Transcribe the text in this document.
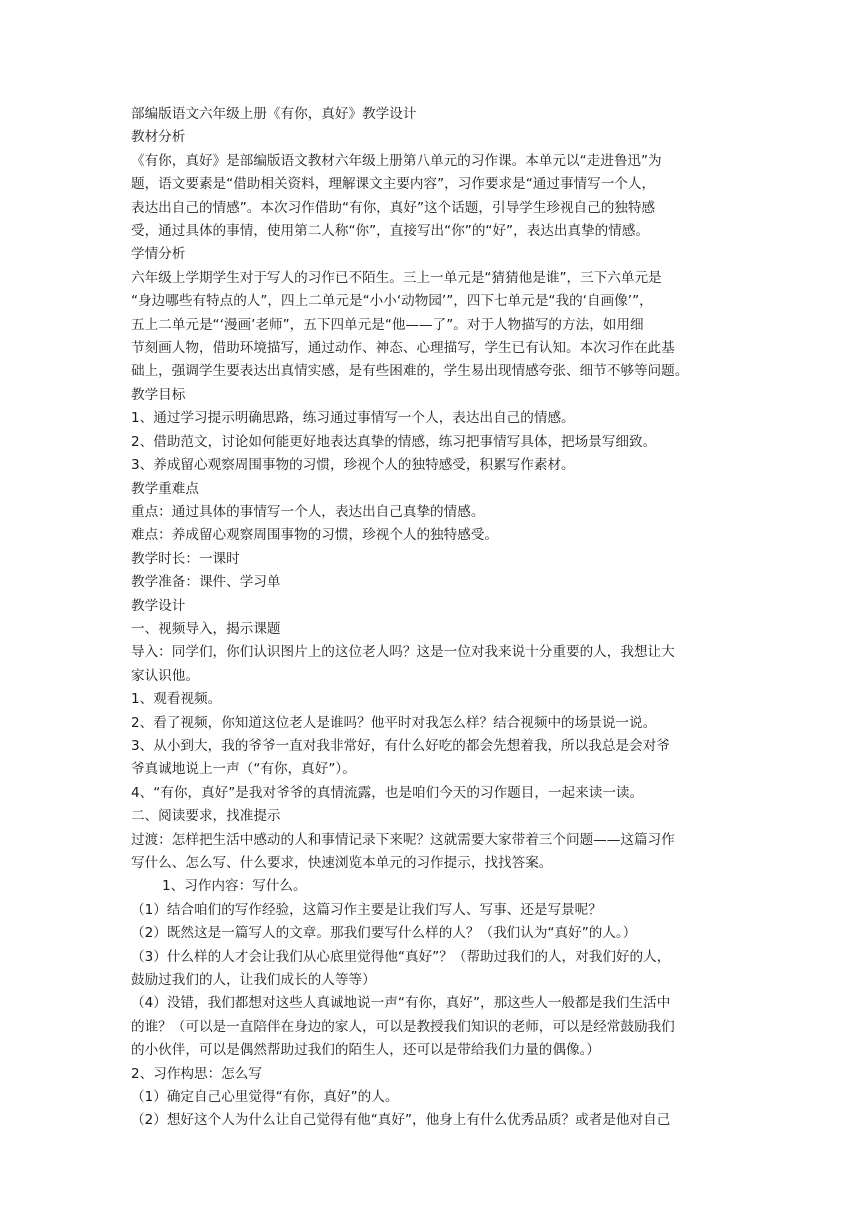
部编版语文六年级上册《有你，真好》教学设计

教材分析

《有你，真好》是部编版语文教材六年级上册第八单元的习作课。本单元以“走进鲁迅”为

题，语文要素是“借助相关资料，理解课文主要内容”，习作要求是“通过事情写一个人，

表达出自己的情感”。本次习作借助“有你，真好”这个话题，引导学生珍视自己的独特感

受，通过具体的事情，使用第二人称“你”，直接写出“你”的“好”，表达出真挚的情感。

学情分析

六年级上学期学生对于写人的习作已不陌生。三上一单元是“猜猜他是谁”，三下六单元是

“身边哪些有特点的人”，四上二单元是“小小‘动物园’”，四下七单元是“我的‘自画像’”，

五上二单元是“‘漫画’老师”，五下四单元是“他——了”。对于人物描写的方法，如用细

节刻画人物，借助环境描写，通过动作、神态、心理描写，学生已有认知。本次习作在此基

础上，强调学生要表达出真情实感，是有些困难的，学生易出现情感夸张、细节不够等问题。

教学目标

1、通过学习提示明确思路，练习通过事情写一个人，表达出自己的情感。

2、借助范文，讨论如何能更好地表达真挚的情感，练习把事情写具体，把场景写细致。

3、养成留心观察周围事物的习惯，珍视个人的独特感受，积累写作素材。

教学重难点

重点：通过具体的事情写一个人，表达出自己真挚的情感。

难点：养成留心观察周围事物的习惯，珍视个人的独特感受。

教学时长：一课时

教学准备：课件、学习单

教学设计

一、视频导入，揭示课题

导入：同学们，你们认识图片上的这位老人吗？这是一位对我来说十分重要的人，我想让大

家认识他。

1、观看视频。

2、看了视频，你知道这位老人是谁吗？他平时对我怎么样？结合视频中的场景说一说。

3、从小到大，我的爷爷一直对我非常好，有什么好吃的都会先想着我，所以我总是会对爷

爷真诚地说上一声（“有你，真好”）。

4、“有你，真好”是我对爷爷的真情流露，也是咱们今天的习作题目，一起来读一读。

二、阅读要求，找准提示

过渡：怎样把生活中感动的人和事情记录下来呢？这就需要大家带着三个问题——这篇习作

写什么、怎么写、什么要求，快速浏览本单元的习作提示，找找答案。

1、习作内容：写什么。

（1）结合咱们的写作经验，这篇习作主要是让我们写人、写事、还是写景呢？

（2）既然这是一篇写人的文章。那我们要写什么样的人？（我们认为“真好”的人。）

（3）什么样的人才会让我们从心底里觉得他“真好”？（帮助过我们的人，对我们好的人，

鼓励过我们的人，让我们成长的人等等）

（4）没错，我们都想对这些人真诚地说一声“有你，真好”，那这些人一般都是我们生活中

的谁？（可以是一直陪伴在身边的家人，可以是教授我们知识的老师，可以是经常鼓励我们

的小伙伴，可以是偶然帮助过我们的陌生人，还可以是带给我们力量的偶像。）

2、习作构思：怎么写

（1）确定自己心里觉得“有你，真好”的人。

（2）想好这个人为什么让自己觉得有他“真好”，他身上有什么优秀品质？或者是他对自己
